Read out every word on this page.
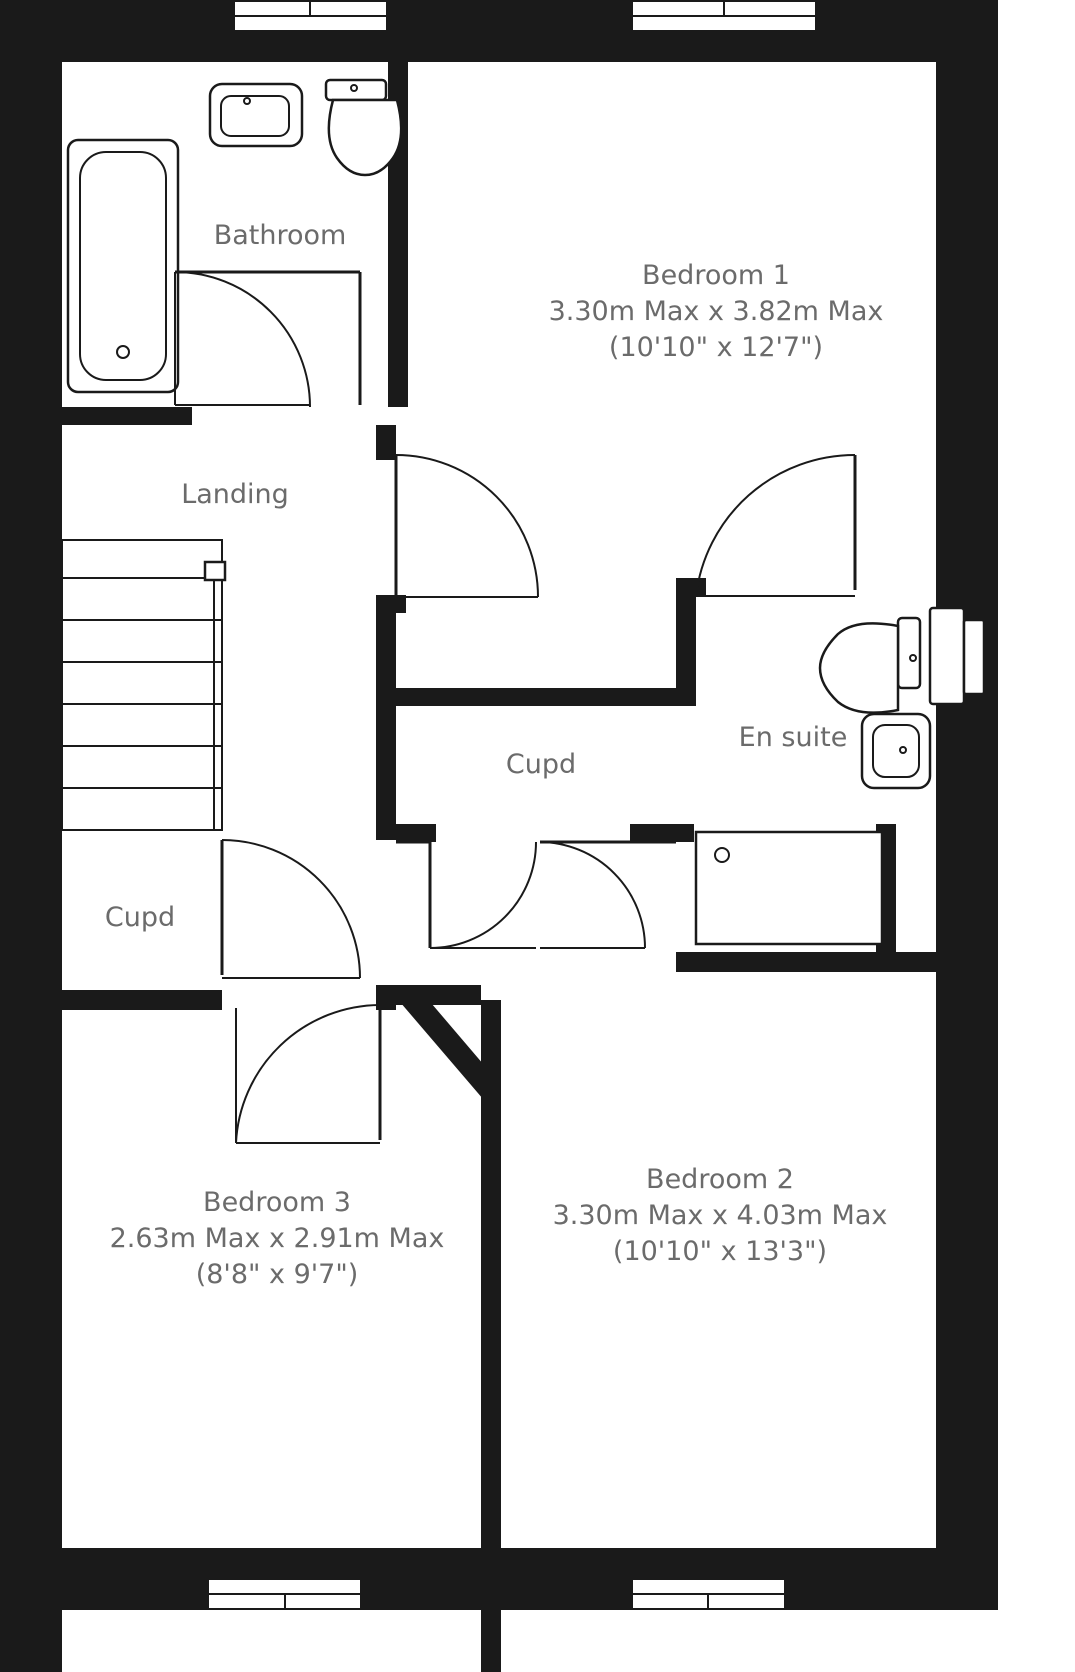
Bathroom
Bedroom 1
3.30m Max x 3.82m Max
(10'10" x 12'7")
Landing
En suite
Cupd
Cupd
Bedroom 3
2.63m Max x 2.91m Max
(8'8" x 9'7")
Bedroom 2
3.30m Max x 4.03m Max
(10'10" x 13'3")
